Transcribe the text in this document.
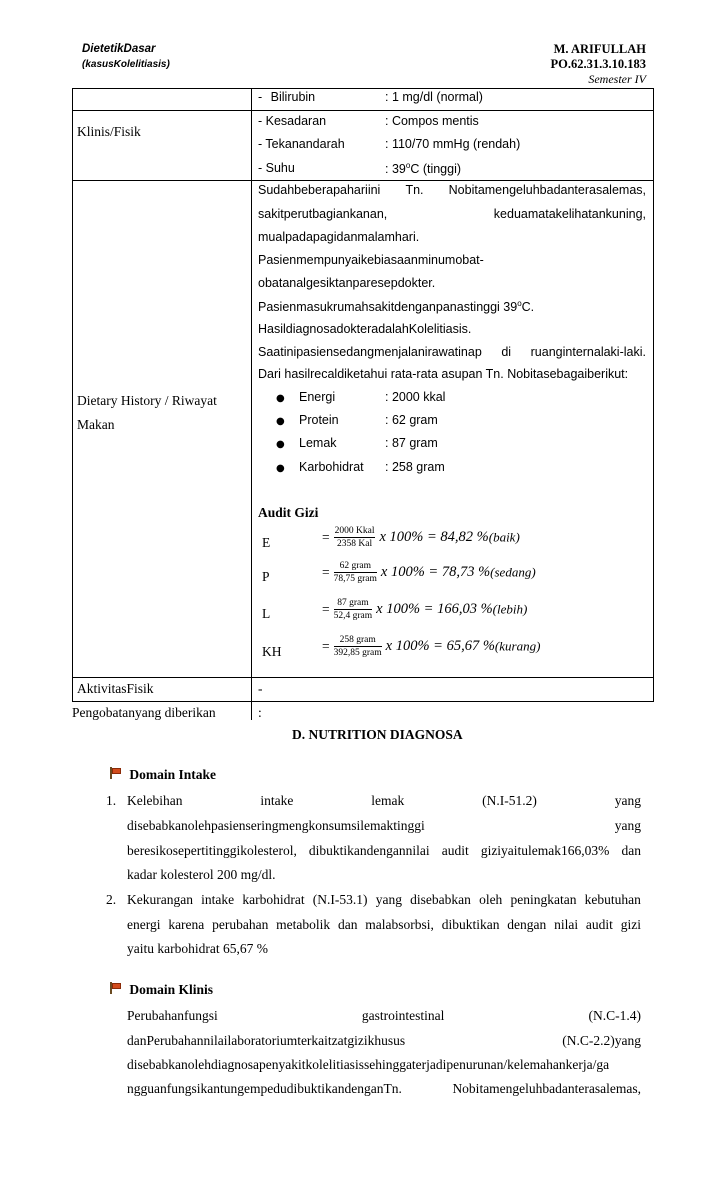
DietetikDasar
(kasusKolelitiasis)
M. ARIFULLAH
PO.62.31.3.10.183
Semester IV
- Bilirubin	: 1 mg/dl (normal)
Klinis/Fisik
- Kesadaran	: Compos mentis
- Tekanandarah	: 110/70 mmHg (rendah)
- Suhu	: 39$^o$C (tinggi)
Dietary History / Riwayat
Makan
Sudahbeberapahariini Tn. Nobitamengeluhbadanterasalemas,
sakitperutbagiankanan,	keduamatakelihatankuning,
mualpadapagidanmalamhari.
Pasienmempunyaikebiasaanminumobat-
obatanalgesiktanparesepdokter.
Pasienmasukrumahsakitdenganpanastinggi 39$^o$C.
HasildiagnosadokteradalahKolelitiasis.
Saatinipasiensedangmenjalanirawatinap di ruanginternalaki-laki.
Dari hasilrecaldiketahui rata-rata asupan Tn. Nobitasebagaiberikut:
● Energi	: 2000 kkal
● Protein	: 62 gram
● Lemak	: 87 gram
● Karbohidrat : 258 gram
Audit Gizi
E	= $\frac{\text{2000 Kkal}}{\text{2358 Kal}}$ x 100% = 84,82 %(baik)
P	= $\frac{\text{62 gram}}{\text{78,75 gram}}$ x 100% = 78,73 %(sedang)
L	= $\frac{\text{87 gram}}{\text{52,4 gram}}$ x 100% = 166,03 %(lebih)
KH	= $\frac{\text{258 gram}}{\text{392,85 gram}}$ x 100% = 65,67 %(kurang)
AktivitasFisik	-
Pengobatanyang diberikan	:
D. NUTRITION DIAGNOSA
Domain Intake
1. Kelebihan	intake	lemak	(N.I-51.2)	yang
disebabkanolehpasienseringmengkonsumsilemaktinggi	yang
beresikosepertitinggikolesterol, dibuktikandengannilai audit giziyaitulemak166,03% dan
kadar kolesterol 200 mg/dl.
2. Kekurangan intake karbohidrat (N.I-53.1) yang disebabkan oleh peningkatan kebutuhan
energi karena perubahan metabolik dan malabsorbsi, dibuktikan dengan nilai audit gizi
yaitu karbohidrat 65,67 %
Domain Klinis
Perubahanfungsi	gastrointestinal	(N.C-1.4)
danPerubahannilailaboratoriumterkaitzatgizikhusus	(N.C-2.2)yang
disebabkanolehdiagnosapenyakitkolelitiasissehinggaterjadipenurunan/kelemahankerja/ga
ngguanfungsikantungempedudibuktikandenganTn.	Nobitamengeluhbadanterasalemas,
